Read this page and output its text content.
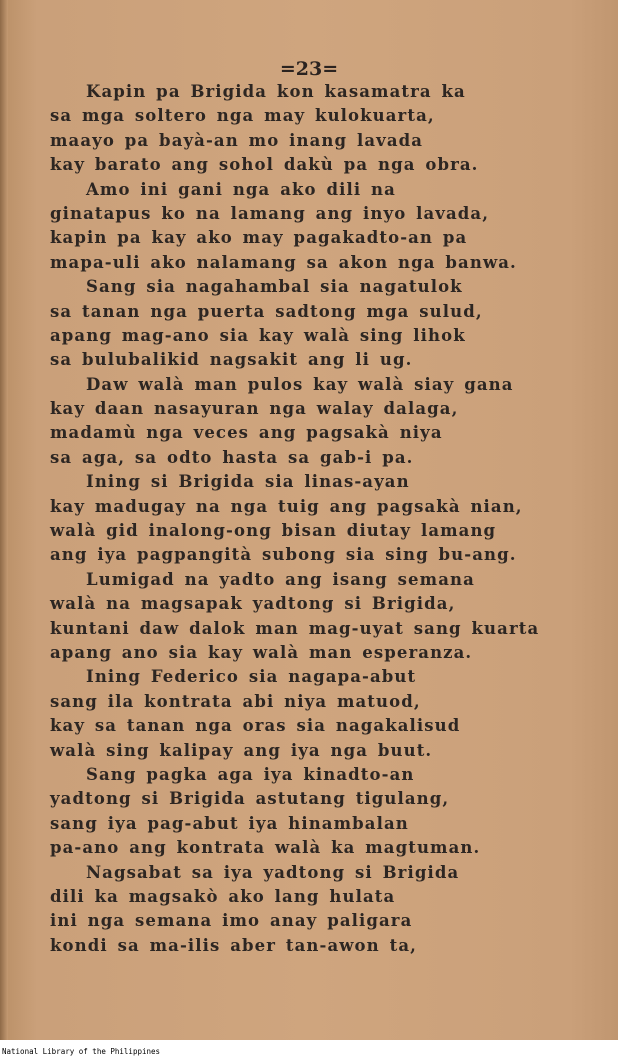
=23=
Kapin pa Brigida kon kasamatra ka
sa mga soltero nga may kulokuarta,
maayo pa bayà-an mo inang lavada
kay barato ang sohol dakù pa nga obra.
Amo ini gani nga ako dili na
ginatapus ko na lamang ang inyo lavada,
kapin pa kay ako may pagakadto-an pa
mapa-uli ako nalamang sa akon nga banwa.
Sang sia nagahambal sia nagatulok
sa tanan nga puerta sadtong mga sulud,
apang mag-ano sia kay walà sing lihok
sa bulubalikid nagsakit ang li ug.
Daw walà man pulos kay walà siay gana
kay daan nasayuran nga walay dalaga,
madamù nga veces ang pagsakà niya
sa aga, sa odto hasta sa gab-i pa.
Ining si Brigida sia linas-ayan
kay madugay na nga tuig ang pagsakà nian,
walà gid inalong-ong bisan diutay lamang
ang iya pagpangità subong sia sing bu-ang.
Lumigad na yadto ang isang semana
walà na magsapak yadtong si Brigida,
kuntani daw dalok man mag-uyat sang kuarta
apang ano sia kay walà man esperanza.
Ining Federico sia nagapa-abut
sang ila kontrata abi niya matuod,
kay sa tanan nga oras sia nagakalisud
walà sing kalipay ang iya nga buut.
Sang pagka aga iya kinadto-an
yadtong si Brigida astutang tigulang,
sang iya pag-abut iya hinambalan
pa-ano ang kontrata walà ka magtuman.
Nagsabat sa iya yadtong si Brigida
dili ka magsakò ako lang hulata
ini nga semana imo anay paligara
kondi sa ma-ilis aber tan-awon ta,
National Library of the Philippines
